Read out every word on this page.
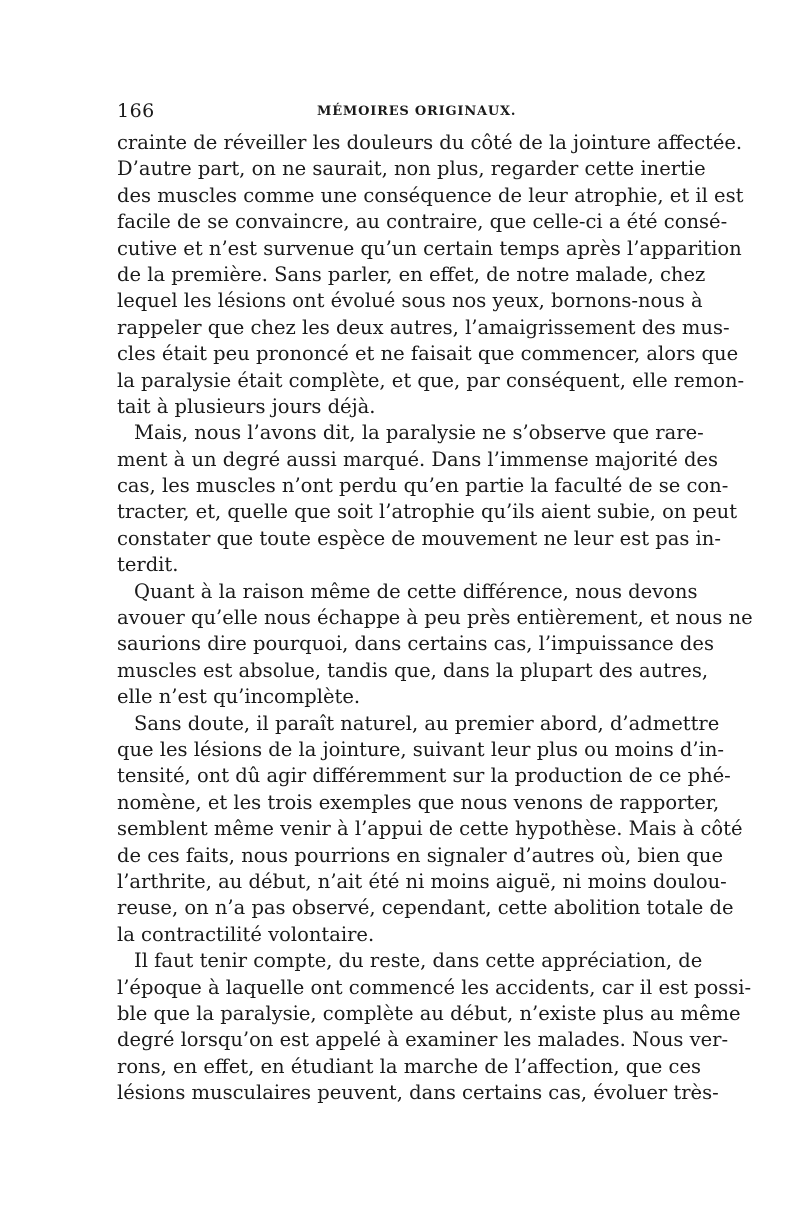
166	MÉMOIRES ORIGINAUX.
crainte de réveiller les douleurs du côté de la jointure affectée.
D’autre part, on ne saurait, non plus, regarder cette inertie
des muscles comme une conséquence de leur atrophie, et il est
facile de se convaincre, au contraire, que celle-ci a été consé-
cutive et n’est survenue qu’un certain temps après l’apparition
de la première. Sans parler, en effet, de notre malade, chez
lequel les lésions ont évolué sous nos yeux, bornons-nous à
rappeler que chez les deux autres, l’amaigrissement des mus-
cles était peu prononcé et ne faisait que commencer, alors que
la paralysie était complète, et que, par conséquent, elle remon-
tait à plusieurs jours déjà.
Mais, nous l’avons dit, la paralysie ne s’observe que rare-
ment à un degré aussi marqué. Dans l’immense majorité des
cas, les muscles n’ont perdu qu’en partie la faculté de se con-
tracter, et, quelle que soit l’atrophie qu’ils aient subie, on peut
constater que toute espèce de mouvement ne leur est pas in-
terdit.
Quant à la raison même de cette différence, nous devons
avouer qu’elle nous échappe à peu près entièrement, et nous ne
saurions dire pourquoi, dans certains cas, l’impuissance des
muscles est absolue, tandis que, dans la plupart des autres,
elle n’est qu’incomplète.
Sans doute, il paraît naturel, au premier abord, d’admettre
que les lésions de la jointure, suivant leur plus ou moins d’in-
tensité, ont dû agir différemment sur la production de ce phé-
nomène, et les trois exemples que nous venons de rapporter,
semblent même venir à l’appui de cette hypothèse. Mais à côté
de ces faits, nous pourrions en signaler d’autres où, bien que
l’arthrite, au début, n’ait été ni moins aiguë, ni moins doulou-
reuse, on n’a pas observé, cependant, cette abolition totale de
la contractilité volontaire.
Il faut tenir compte, du reste, dans cette appréciation, de
l’époque à laquelle ont commencé les accidents, car il est possi-
ble que la paralysie, complète au début, n’existe plus au même
degré lorsqu’on est appelé à examiner les malades. Nous ver-
rons, en effet, en étudiant la marche de l’affection, que ces
lésions musculaires peuvent, dans certains cas, évoluer très-
